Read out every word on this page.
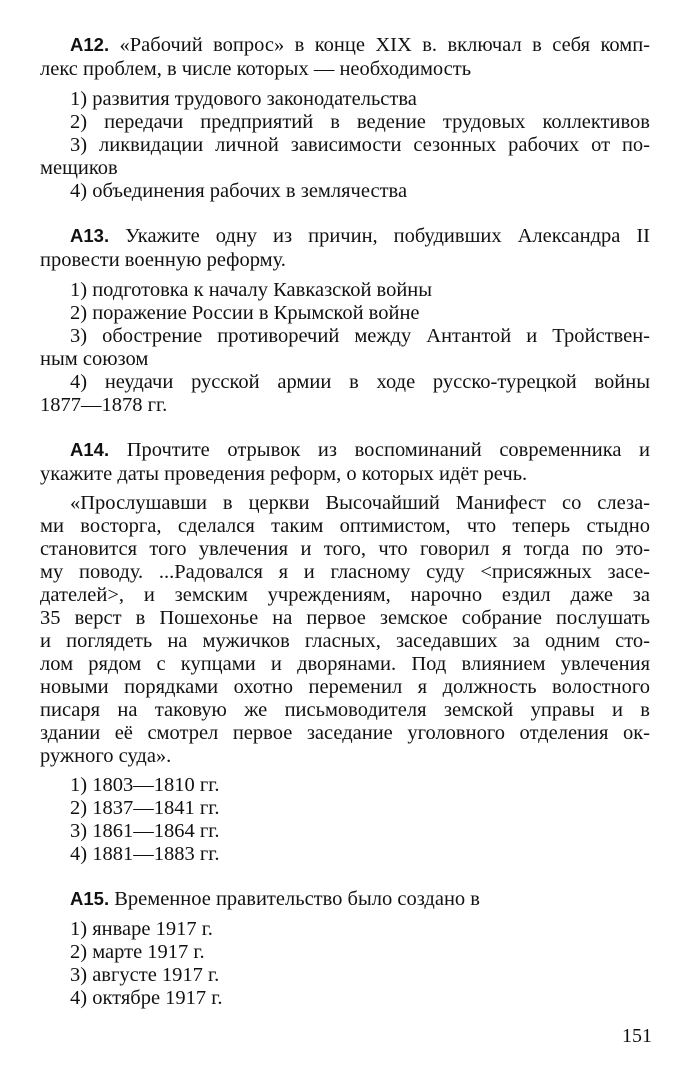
А12. «Рабочий вопрос» в конце XIX в. включал в себя комп-
лекс проблем, в числе которых — необходимость
1) развития трудового законодательства
2) передачи предприятий в ведение трудовых коллективов
3) ликвидации личной зависимости сезонных рабочих от по-
мещиков
4) объединения рабочих в землячества
А13. Укажите одну из причин, побудивших Александра II
провести военную реформу.
1) подготовка к началу Кавказской войны
2) поражение России в Крымской войне
3) обострение противоречий между Антантой и Тройствен-
ным союзом
4) неудачи русской армии в ходе русско-турецкой войны
1877—1878 гг.
А14. Прочтите отрывок из воспоминаний современника и
укажите даты проведения реформ, о которых идёт речь.
«Прослушавши в церкви Высочайший Манифест со слеза-
ми восторга, сделался таким оптимистом, что теперь стыдно
становится того увлечения и того, что говорил я тогда по это-
му поводу. ...Радовался я и гласному суду <присяжных засе-
дателей>, и земским учреждениям, нарочно ездил даже за
35 верст в Пошехонье на первое земское собрание послушать
и поглядеть на мужичков гласных, заседавших за одним сто-
лом рядом с купцами и дворянами. Под влиянием увлечения
новыми порядками охотно переменил я должность волостного
писаря на таковую же письмоводителя земской управы и в
здании её смотрел первое заседание уголовного отделения ок-
ружного суда».
1) 1803—1810 гг.
2) 1837—1841 гг.
3) 1861—1864 гг.
4) 1881—1883 гг.
А15. Временное правительство было создано в
1) январе 1917 г.
2) марте 1917 г.
3) августе 1917 г.
4) октябре 1917 г.
151
